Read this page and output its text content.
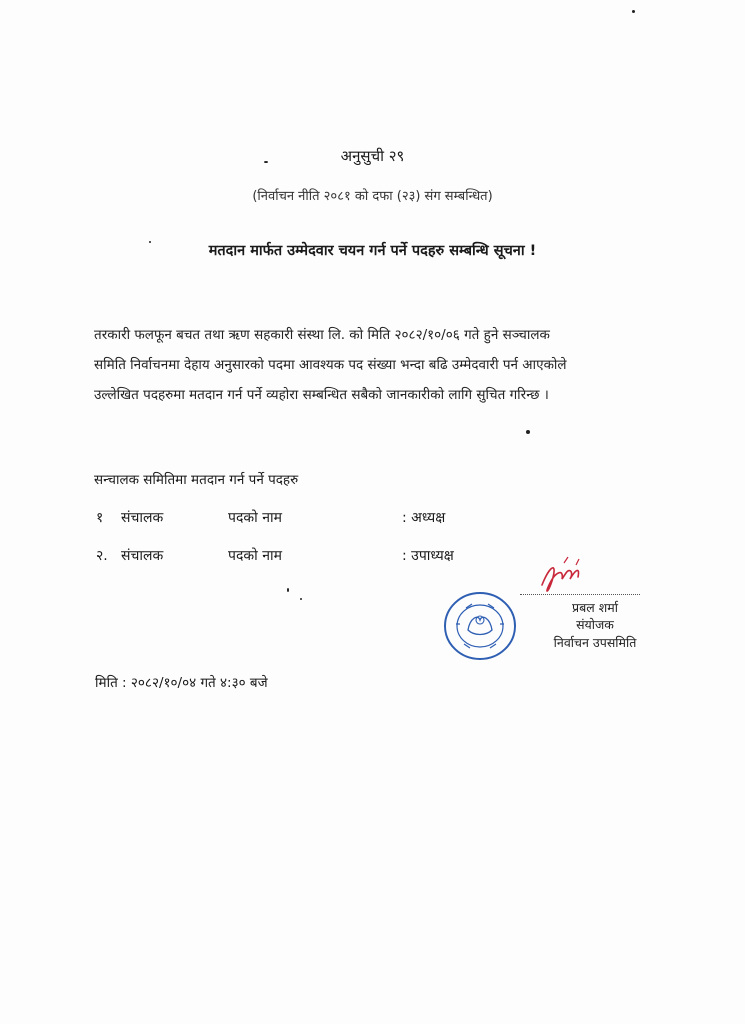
अनुसुची २९
(निर्वाचन नीति २०८१ को दफा (२३) संग सम्बन्धित)
मतदान मार्फत उम्मेदवार चयन गर्न पर्ने पदहरु सम्बन्धि सूचना !
तरकारी फलफून बचत तथा ऋण सहकारी संस्था लि. को मिति २०८२/१०/०६ गते हुने सञ्चालक
समिति निर्वाचनमा देहाय अनुसारको पदमा आवश्यक पद संख्या भन्दा बढि उम्मेदवारी पर्न आएकोले
उल्लेखित पदहरुमा मतदान गर्न पर्ने व्यहोरा सम्बन्धित सबैको जानकारीको लागि सुचित गरिन्छ ।
सन्चालक समितिमा मतदान गर्न पर्ने पदहरु
१ संचालक	पदको नाम	: अध्यक्ष
२. संचालक	पदको नाम	: उपाध्यक्ष
प्रबल शर्मा
संयोजक
निर्वाचन उपसमिति
मिति : २०८२/१०/०४ गते ४:३० बजे
